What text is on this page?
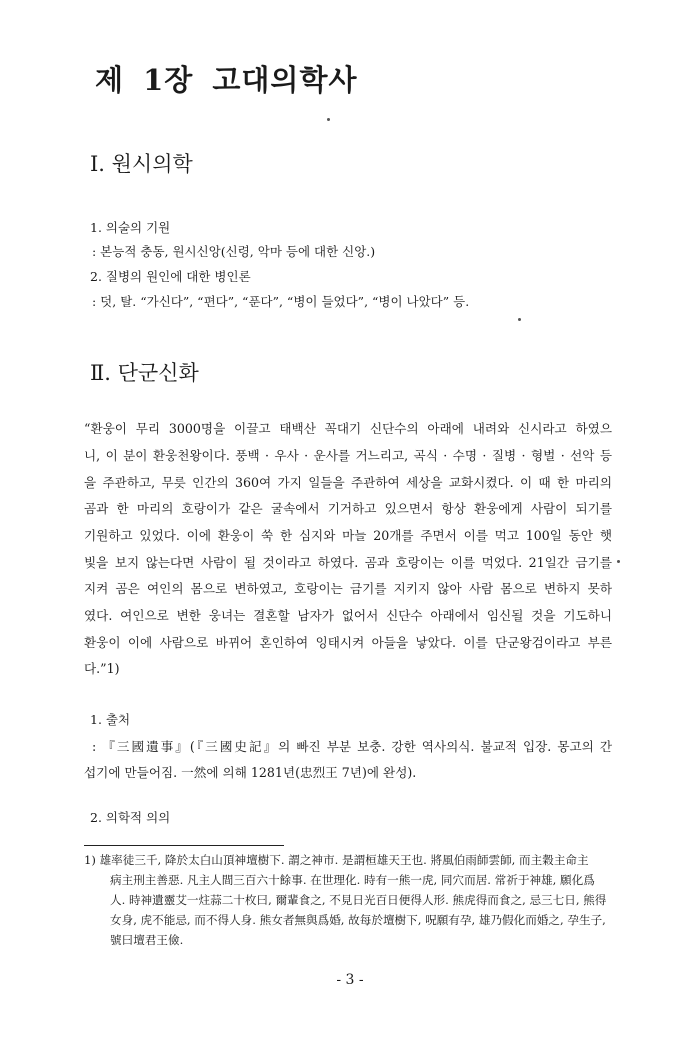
제 1장 고대의학사
Ⅰ. 원시의학
1. 의술의 기원
: 본능적 충동, 원시신앙(신령, 악마 등에 대한 신앙.)
2. 질병의 원인에 대한 병인론
: 덧, 탈. “가신다”, “편다”, “푼다”, “병이 들었다”, “병이 나았다” 등.
Ⅱ. 단군신화
“환웅이 무리 3000명을 이끌고 태백산 꼭대기 신단수의 아래에 내려와 신시라고 하였으
니, 이 분이 환웅천왕이다. 풍백 · 우사 · 운사를 거느리고, 곡식 · 수명 · 질병 · 형벌 · 선악 등
을 주관하고, 무릇 인간의 360여 가지 일들을 주관하여 세상을 교화시켰다. 이 때 한 마리의
곰과 한 마리의 호랑이가 같은 굴속에서 기거하고 있으면서 항상 환웅에게 사람이 되기를
기원하고 있었다. 이에 환웅이 쑥 한 심지와 마늘 20개를 주면서 이를 먹고 100일 동안 햇
빛을 보지 않는다면 사람이 될 것이라고 하였다. 곰과 호랑이는 이를 먹었다. 21일간 금기를
지켜 곰은 여인의 몸으로 변하였고, 호랑이는 금기를 지키지 않아 사람 몸으로 변하지 못하
였다. 여인으로 변한 웅녀는 결혼할 남자가 없어서 신단수 아래에서 임신될 것을 기도하니
환웅이 이에 사람으로 바뀌어 혼인하여 잉태시켜 아들을 낳았다. 이를 단군왕검이라고 부른
다.”1)
1. 출처
: 『三國遺事』(『三國史記』의 빠진 부분 보충. 강한 역사의식. 불교적 입장. 몽고의 간
섭기에 만들어짐. 一然에 의해 1281년(忠烈王 7년)에 완성).
2. 의학적 의의
1) 雄率徒三千, 降於太白山頂神壇樹下. 謂之神市. 是謂桓雄天王也. 將風伯雨師雲師, 而主穀主命主
病主刑主善惡. 凡主人間三百六十餘事. 在世理化. 時有一熊一虎, 同穴而居. 常祈于神雄, 願化爲
人. 時神遺靈艾一炷蒜二十枚曰, 爾輩食之, 不見日光百日便得人形. 熊虎得而食之, 忌三七日, 熊得
女身, 虎不能忌, 而不得人身. 熊女者無與爲婚, 故每於壇樹下, 呪願有孕, 雄乃假化而婚之, 孕生子,
號曰壇君王儉.
- 3 -
